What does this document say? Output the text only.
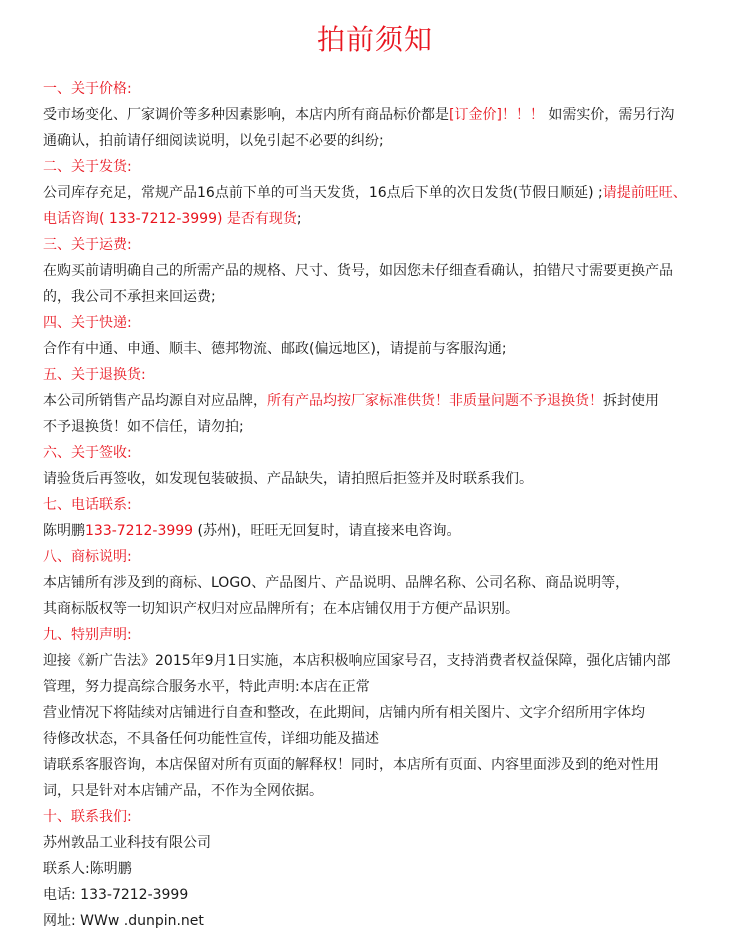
拍前须知
一、关于价格:
受市场变化、厂家调价等多种因素影响，本店内所有商品标价都是[订金价]！！！ 如需实价，需另行沟
通确认，拍前请仔细阅读说明，以免引起不必要的纠纷;
二、关于发货:
公司库存充足，常规产品16点前下单的可当天发货，16点后下单的次日发货(节假日顺延) ;请提前旺旺、
电话咨询( 133-7212-3999) 是否有现货;
三、关于运费:
在购买前请明确自己的所需产品的规格、尺寸、货号，如因您未仔细查看确认，拍错尺寸需要更换产品
的，我公司不承担来回运费;
四、关于快递:
合作有中通、申通、顺丰、德邦物流、邮政(偏远地区)，请提前与客服沟通;
五、关于退换货:
本公司所销售产品均源自对应品牌，所有产品均按厂家标准供货！非质量问题不予退换货！拆封使用
不予退换货！如不信任，请勿拍;
六、关于签收:
请验货后再签收，如发现包装破损、产品缺失，请拍照后拒签并及时联系我们。
七、电话联系:
陈明鹏133-7212-3999 (苏州)，旺旺无回复时，请直接来电咨询。
八、商标说明:
本店铺所有涉及到的商标、LOGO、产品图片、产品说明、品牌名称、公司名称、商品说明等，
其商标版权等一切知识产权归对应品牌所有；在本店铺仅用于方便产品识别。
九、特别声明:
迎接《新广告法》2015年9月1日实施，本店积极响应国家号召，支持消费者权益保障，强化店铺内部
管理，努力提高综合服务水平，特此声明:本店在正常
营业情况下将陆续对店铺进行自查和整改，在此期间，店铺内所有相关图片、文字介绍所用字体均
待修改状态，不具备任何功能性宣传，详细功能及描述
请联系客服咨询，本店保留对所有页面的解释权！同时，本店所有页面、内容里面涉及到的绝对性用
词，只是针对本店铺产品，不作为全网依据。
十、联系我们:
苏州敦品工业科技有限公司
联系人:陈明鹏
电话: 133-7212-3999
网址: WWw .dunpin.net
